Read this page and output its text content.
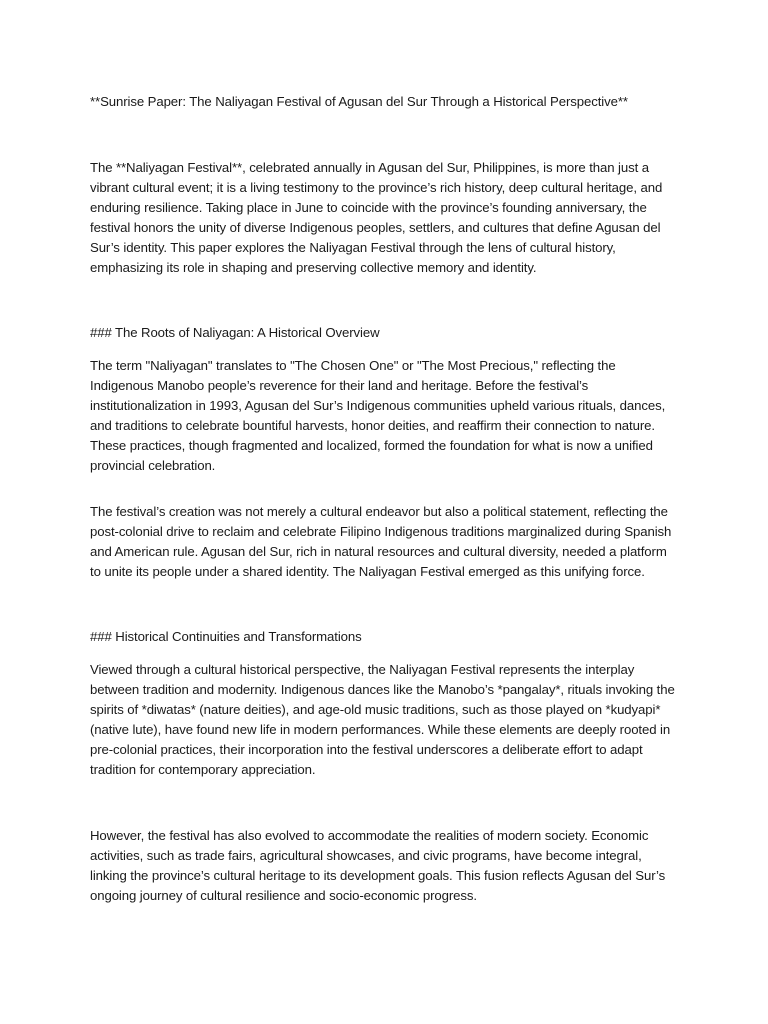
**Sunrise Paper: The Naliyagan Festival of Agusan del Sur Through a Historical Perspective**

The **Naliyagan Festival**, celebrated annually in Agusan del Sur, Philippines, is more than just a vibrant cultural event; it is a living testimony to the province’s rich history, deep cultural heritage, and enduring resilience. Taking place in June to coincide with the province’s founding anniversary, the festival honors the unity of diverse Indigenous peoples, settlers, and cultures that define Agusan del Sur’s identity. This paper explores the Naliyagan Festival through the lens of cultural history, emphasizing its role in shaping and preserving collective memory and identity.

### The Roots of Naliyagan: A Historical Overview

The term "Naliyagan" translates to "The Chosen One" or "The Most Precious," reflecting the Indigenous Manobo people’s reverence for their land and heritage. Before the festival’s institutionalization in 1993, Agusan del Sur’s Indigenous communities upheld various rituals, dances, and traditions to celebrate bountiful harvests, honor deities, and reaffirm their connection to nature. These practices, though fragmented and localized, formed the foundation for what is now a unified provincial celebration.

The festival’s creation was not merely a cultural endeavor but also a political statement, reflecting the post-colonial drive to reclaim and celebrate Filipino Indigenous traditions marginalized during Spanish and American rule. Agusan del Sur, rich in natural resources and cultural diversity, needed a platform to unite its people under a shared identity. The Naliyagan Festival emerged as this unifying force.

### Historical Continuities and Transformations

Viewed through a cultural historical perspective, the Naliyagan Festival represents the interplay between tradition and modernity. Indigenous dances like the Manobo’s *pangalay*, rituals invoking the spirits of *diwatas* (nature deities), and age-old music traditions, such as those played on *kudyapi* (native lute), have found new life in modern performances. While these elements are deeply rooted in pre-colonial practices, their incorporation into the festival underscores a deliberate effort to adapt tradition for contemporary appreciation.

However, the festival has also evolved to accommodate the realities of modern society. Economic activities, such as trade fairs, agricultural showcases, and civic programs, have become integral, linking the province’s cultural heritage to its development goals. This fusion reflects Agusan del Sur’s ongoing journey of cultural resilience and socio-economic progress.
